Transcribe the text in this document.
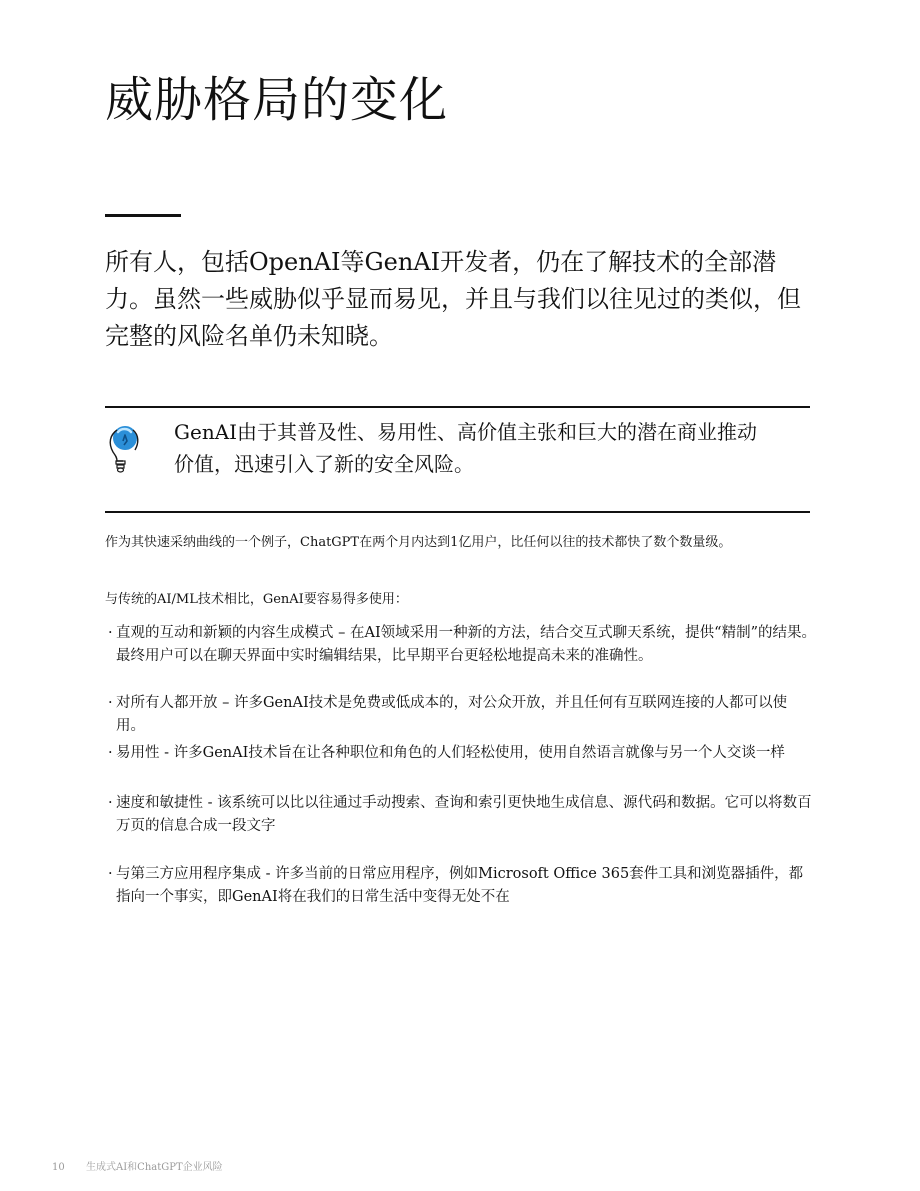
威胁格局的变化

所有人，包括OpenAI等GenAI开发者，仍在了解技术的全部潜力。虽然一些威胁似乎显而易见，并且与我们以往见过的类似，但完整的风险名单仍未知晓。

GenAI由于其普及性、易用性、高价值主张和巨大的潜在商业推动价值，迅速引入了新的安全风险。

作为其快速采纳曲线的一个例子，ChatGPT在两个月内达到1亿用户，比任何以往的技术都快了数个数量级。

与传统的AI/ML技术相比，GenAI要容易得多使用：

· 直观的互动和新颖的内容生成模式 – 在AI领域采用一种新的方法，结合交互式聊天系统，提供“精制”的结果。最终用户可以在聊天界面中实时编辑结果，比早期平台更轻松地提高未来的准确性。
· 对所有人都开放 – 许多GenAI技术是免费或低成本的，对公众开放，并且任何有互联网连接的人都可以使用。
· 易用性 - 许多GenAI技术旨在让各种职位和角色的人们轻松使用，使用自然语言就像与另一个人交谈一样
· 速度和敏捷性 - 该系统可以比以往通过手动搜索、查询和索引更快地生成信息、源代码和数据。它可以将数百万页的信息合成一段文字
· 与第三方应用程序集成 - 许多当前的日常应用程序，例如Microsoft Office 365套件工具和浏览器插件，都指向一个事实，即GenAI将在我们的日常生活中变得无处不在
10 生成式AI和ChatGPT企业风险
